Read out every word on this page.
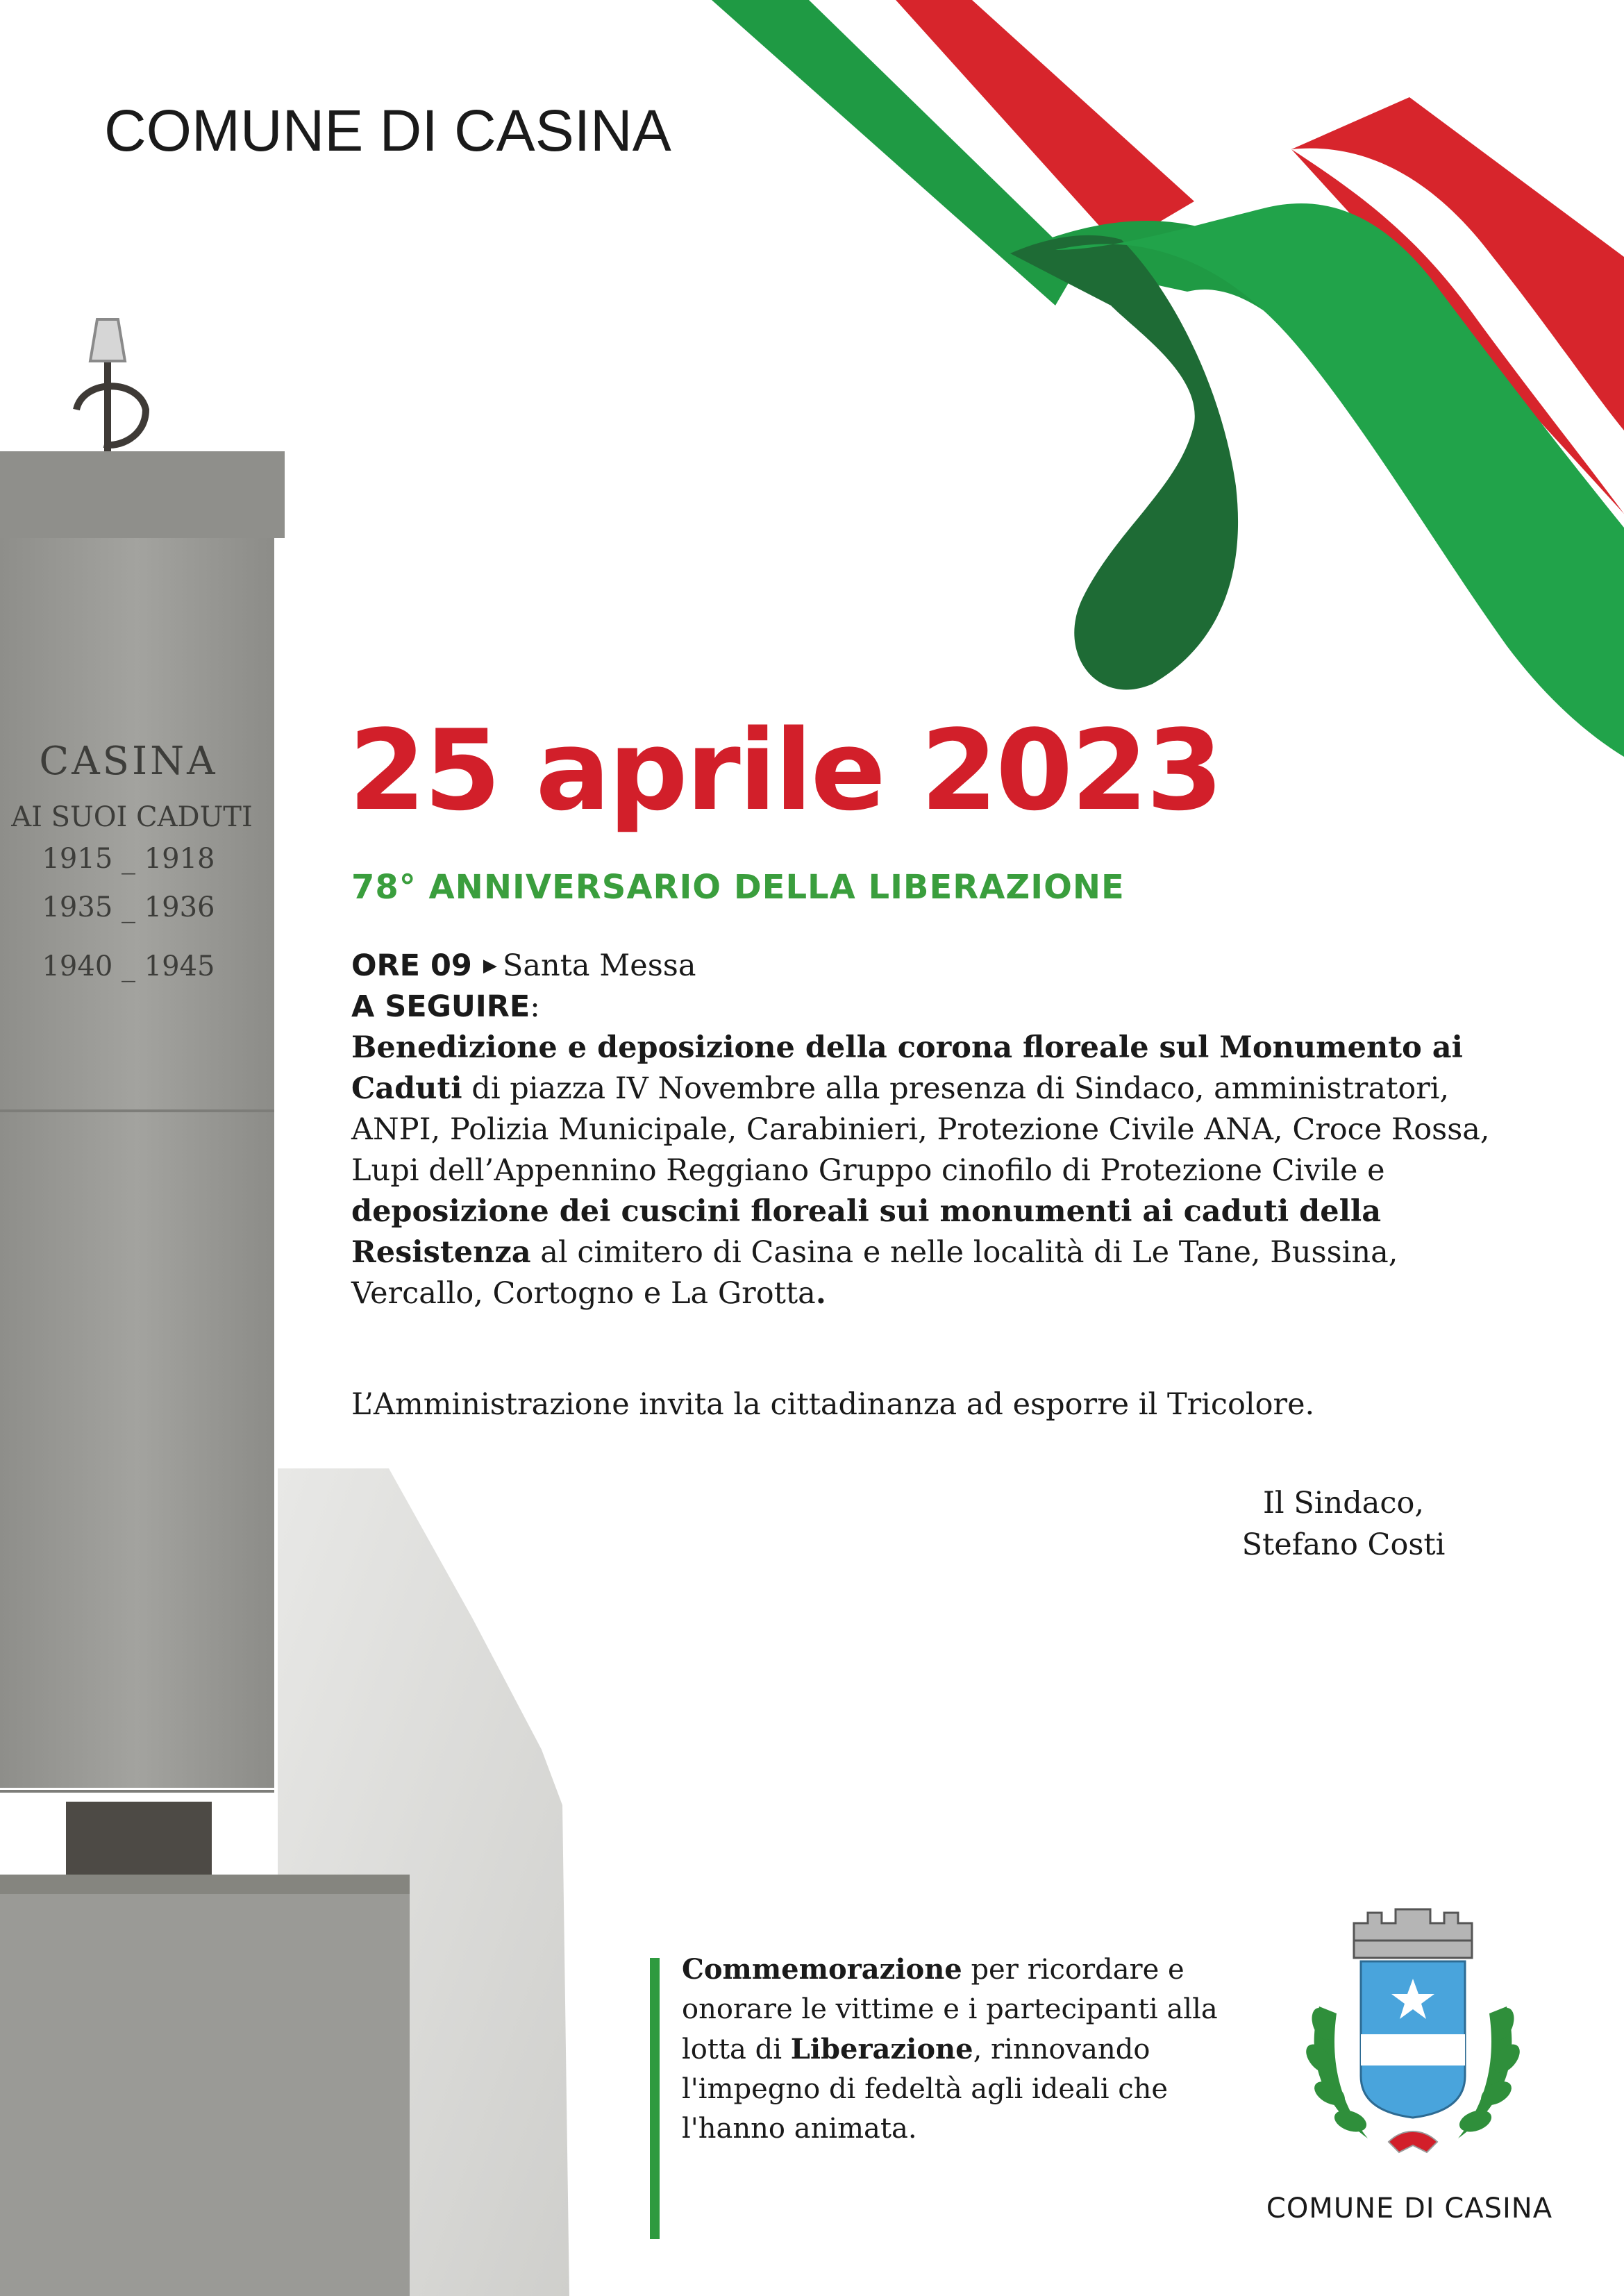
CASINA
AI SUOI CADUTI
1915 _ 1918
1935 _ 1936
1940 _ 1945
COMUNE DI CASINA
25 aprile 2023
78° ANNIVERSARIO DELLA LIBERAZIONE

ORE 09 ▶ Santa Messa

A SEGUIRE:

Benedizione e deposizione della corona floreale sul Monumento ai Caduti di piazza IV Novembre alla presenza di Sindaco, amministratori, ANPI, Polizia Municipale, Carabinieri, Protezione Civile ANA, Croce Rossa, Lupi dell’Appennino Reggiano Gruppo cinofilo di Protezione Civile e deposizione dei cuscini floreali sui monumenti ai caduti della Resistenza al cimitero di Casina e nelle località di Le Tane, Bussina, Vercallo, Cortogno e La Grotta.

L’Amministrazione invita la cittadinanza ad esporre il Tricolore.
Il Sindaco,
Stefano Costi
Commemorazione per ricordare e onorare le vittime e i partecipanti alla lotta di Liberazione, rinnovando l'impegno di fedeltà agli ideali che l'hanno animata.
COMUNE DI CASINA
